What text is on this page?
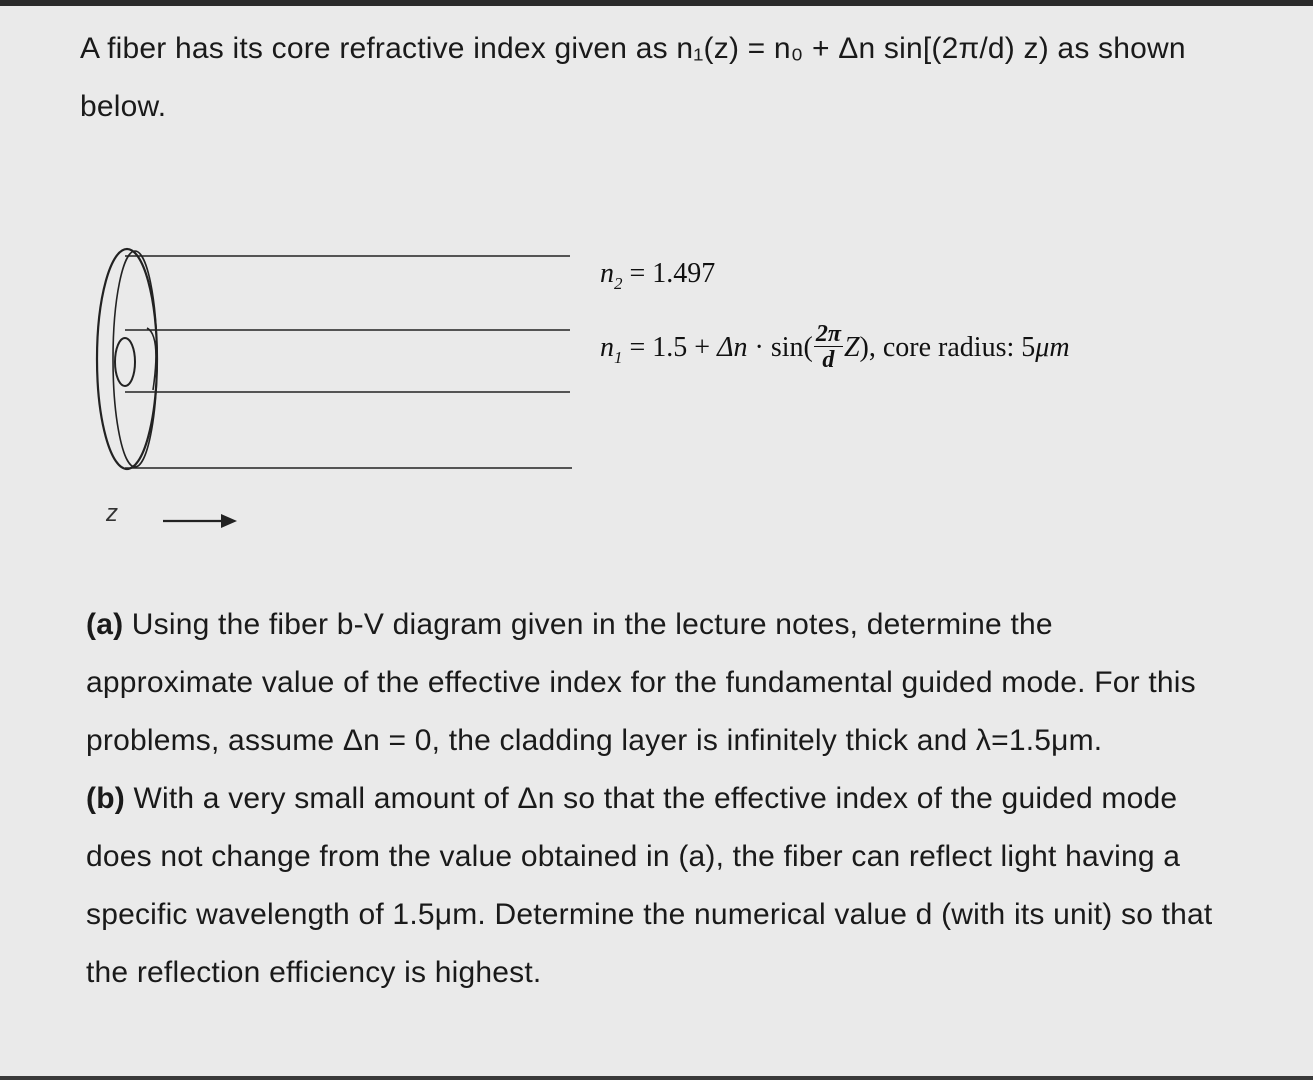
A fiber has its core refractive index given as n₁(z) = n₀ + Δn sin[(2π/d) z) as shown below.
z
$n_2 = 1.497$
$n_1 = 1.5 + \Delta n \cdot \sin( \frac{2\pi}{d} Z)$, core radius: 5μm

(a) Using the fiber b-V diagram given in the lecture notes, determine the approximate value of the effective index for the fundamental guided mode. For this problems, assume Δn = 0, the cladding layer is infinitely thick and λ=1.5μm.

(b) With a very small amount of Δn so that the effective index of the guided mode does not change from the value obtained in (a), the fiber can reflect light having a specific wavelength of 1.5μm. Determine the numerical value d (with its unit) so that the reflection efficiency is highest.
